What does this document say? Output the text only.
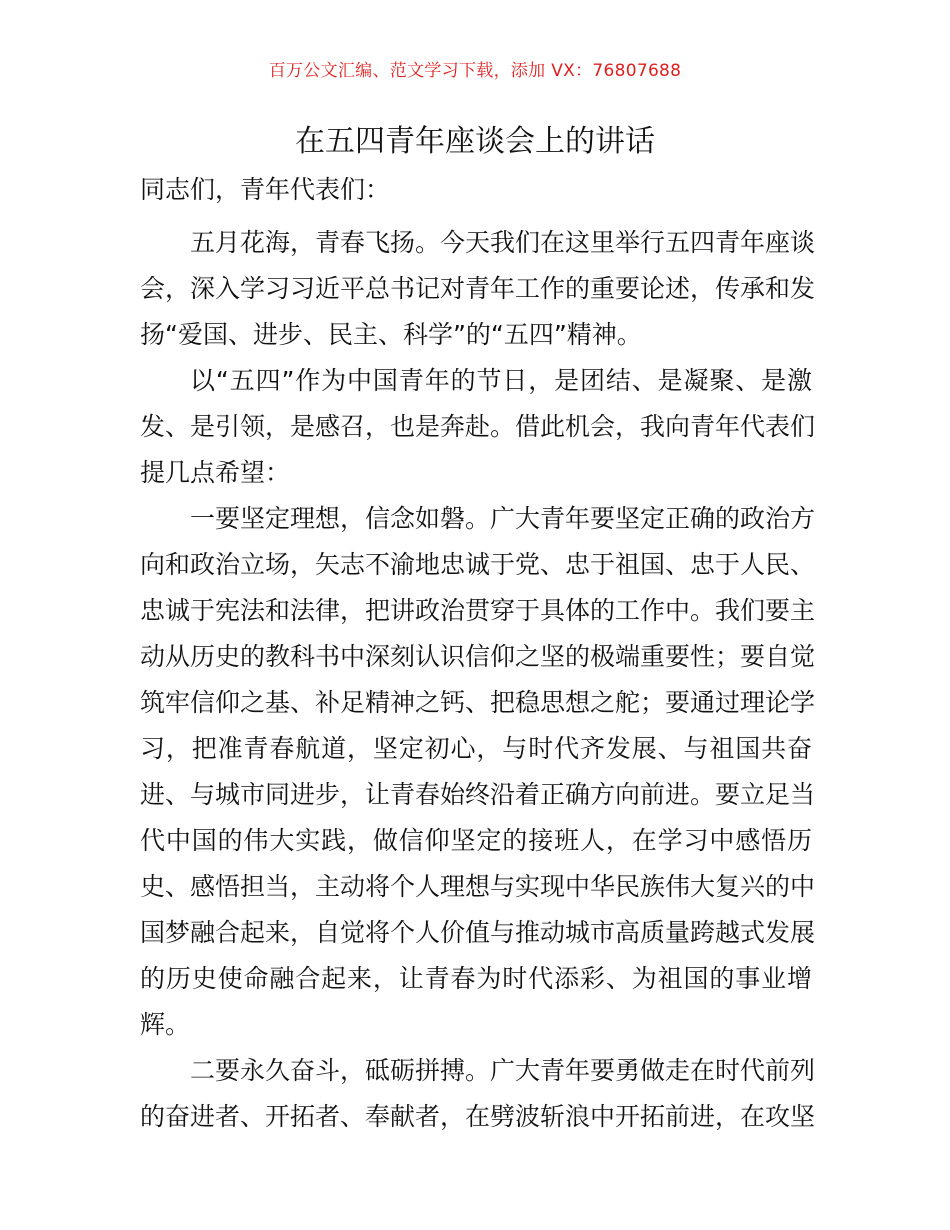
百万公文汇编、范文学习下载，添加 VX：76807688
在五四青年座谈会上的讲话
同志们，青年代表们：
五月花海，青春飞扬。今天我们在这里举行五四青年座谈
会，深入学习习近平总书记对青年工作的重要论述，传承和发
扬“爱国、进步、民主、科学”的“五四”精神。
以“五四”作为中国青年的节日，是团结、是凝聚、是激
发、是引领，是感召，也是奔赴。借此机会，我向青年代表们
提几点希望：
一要坚定理想，信念如磐。广大青年要坚定正确的政治方
向和政治立场，矢志不渝地忠诚于党、忠于祖国、忠于人民、
忠诚于宪法和法律，把讲政治贯穿于具体的工作中。我们要主
动从历史的教科书中深刻认识信仰之坚的极端重要性；要自觉
筑牢信仰之基、补足精神之钙、把稳思想之舵；要通过理论学
习，把准青春航道，坚定初心，与时代齐发展、与祖国共奋
进、与城市同进步，让青春始终沿着正确方向前进。要立足当
代中国的伟大实践，做信仰坚定的接班人，在学习中感悟历
史、感悟担当，主动将个人理想与实现中华民族伟大复兴的中
国梦融合起来，自觉将个人价值与推动城市高质量跨越式发展
的历史使命融合起来，让青春为时代添彩、为祖国的事业增
辉。
二要永久奋斗，砥砺拼搏。广大青年要勇做走在时代前列
的奋进者、开拓者、奉献者，在劈波斩浪中开拓前进，在攻坚
